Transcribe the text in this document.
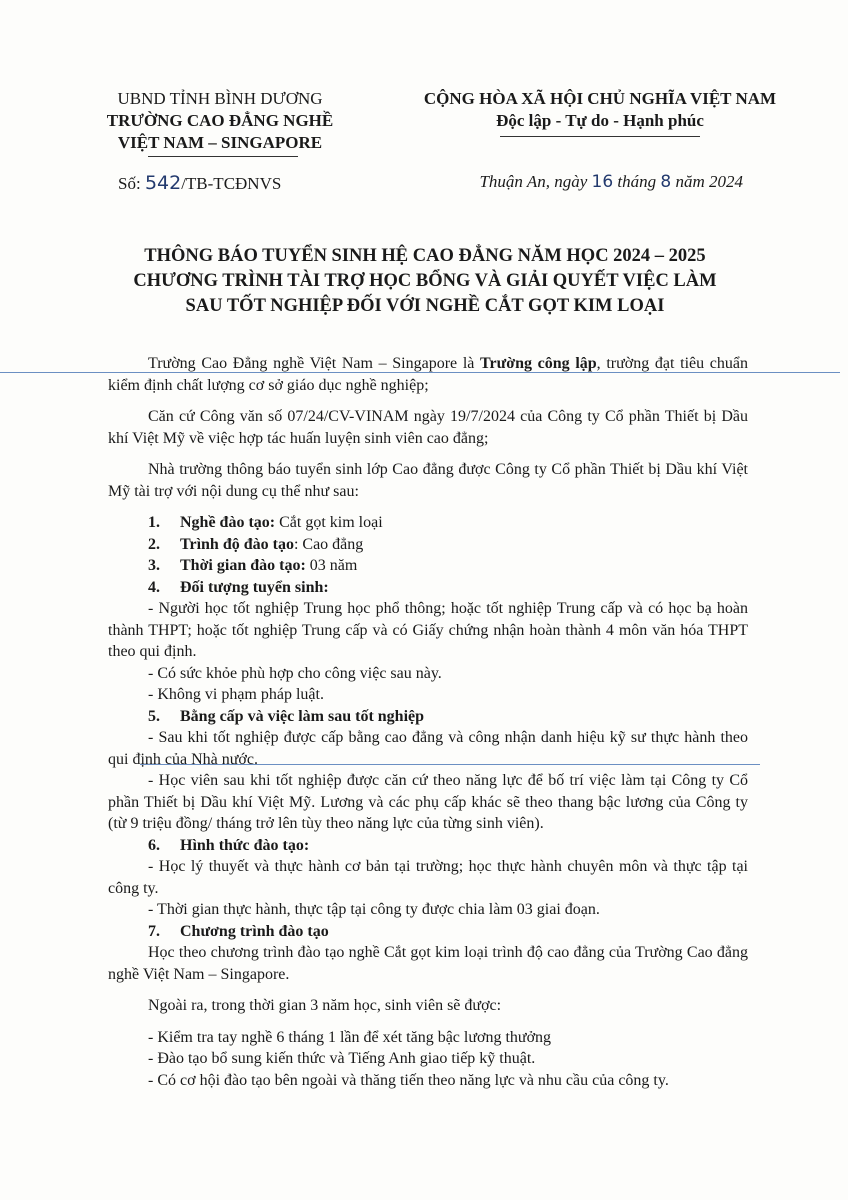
UBND TỈNH BÌNH DƯƠNG
TRƯỜNG CAO ĐẲNG NGHỀ
VIỆT NAM – SINGAPORE
CỘNG HÒA XÃ HỘI CHỦ NGHĨA VIỆT NAM
Độc lập - Tự do - Hạnh phúc
Số: 542/TB-TCĐNVS	Thuận An, ngày 16 tháng 8 năm 2024
THÔNG BÁO TUYỂN SINH HỆ CAO ĐẲNG NĂM HỌC 2024 – 2025
CHƯƠNG TRÌNH TÀI TRỢ HỌC BỔNG VÀ GIẢI QUYẾT VIỆC LÀM
SAU TỐT NGHIỆP ĐỐI VỚI NGHỀ CẮT GỌT KIM LOẠI

Trường Cao Đẳng nghề Việt Nam – Singapore là Trường công lập, trường đạt tiêu chuẩn kiểm định chất lượng cơ sở giáo dục nghề nghiệp;

Căn cứ Công văn số 07/24/CV-VINAM ngày 19/7/2024 của Công ty Cổ phần Thiết bị Dầu khí Việt Mỹ về việc hợp tác huấn luyện sinh viên cao đẳng;

Nhà trường thông báo tuyển sinh lớp Cao đẳng được Công ty Cổ phần Thiết bị Dầu khí Việt Mỹ tài trợ với nội dung cụ thể như sau:

1. Nghề đào tạo: Cắt gọt kim loại

2. Trình độ đào tạo: Cao đẳng

3. Thời gian đào tạo: 03 năm

4. Đối tượng tuyển sinh:

- Người học tốt nghiệp Trung học phổ thông; hoặc tốt nghiệp Trung cấp và có học bạ hoàn thành THPT; hoặc tốt nghiệp Trung cấp và có Giấy chứng nhận hoàn thành 4 môn văn hóa THPT theo qui định.

- Có sức khỏe phù hợp cho công việc sau này.

- Không vi phạm pháp luật.

5. Bằng cấp và việc làm sau tốt nghiệp

- Sau khi tốt nghiệp được cấp bằng cao đẳng và công nhận danh hiệu kỹ sư thực hành theo qui định của Nhà nước.

- Học viên sau khi tốt nghiệp được căn cứ theo năng lực để bố trí việc làm tại Công ty Cổ phần Thiết bị Dầu khí Việt Mỹ. Lương và các phụ cấp khác sẽ theo thang bậc lương của Công ty (từ 9 triệu đồng/ tháng trở lên tùy theo năng lực của từng sinh viên).

6. Hình thức đào tạo:

- Học lý thuyết và thực hành cơ bản tại trường; học thực hành chuyên môn và thực tập tại công ty.

- Thời gian thực hành, thực tập tại công ty được chia làm 03 giai đoạn.

7. Chương trình đào tạo

Học theo chương trình đào tạo nghề Cắt gọt kim loại trình độ cao đẳng của Trường Cao đẳng nghề Việt Nam – Singapore.

Ngoài ra, trong thời gian 3 năm học, sinh viên sẽ được:

- Kiểm tra tay nghề 6 tháng 1 lần để xét tăng bậc lương thưởng

- Đào tạo bổ sung kiến thức và Tiếng Anh giao tiếp kỹ thuật.

- Có cơ hội đào tạo bên ngoài và thăng tiến theo năng lực và nhu cầu của công ty.
